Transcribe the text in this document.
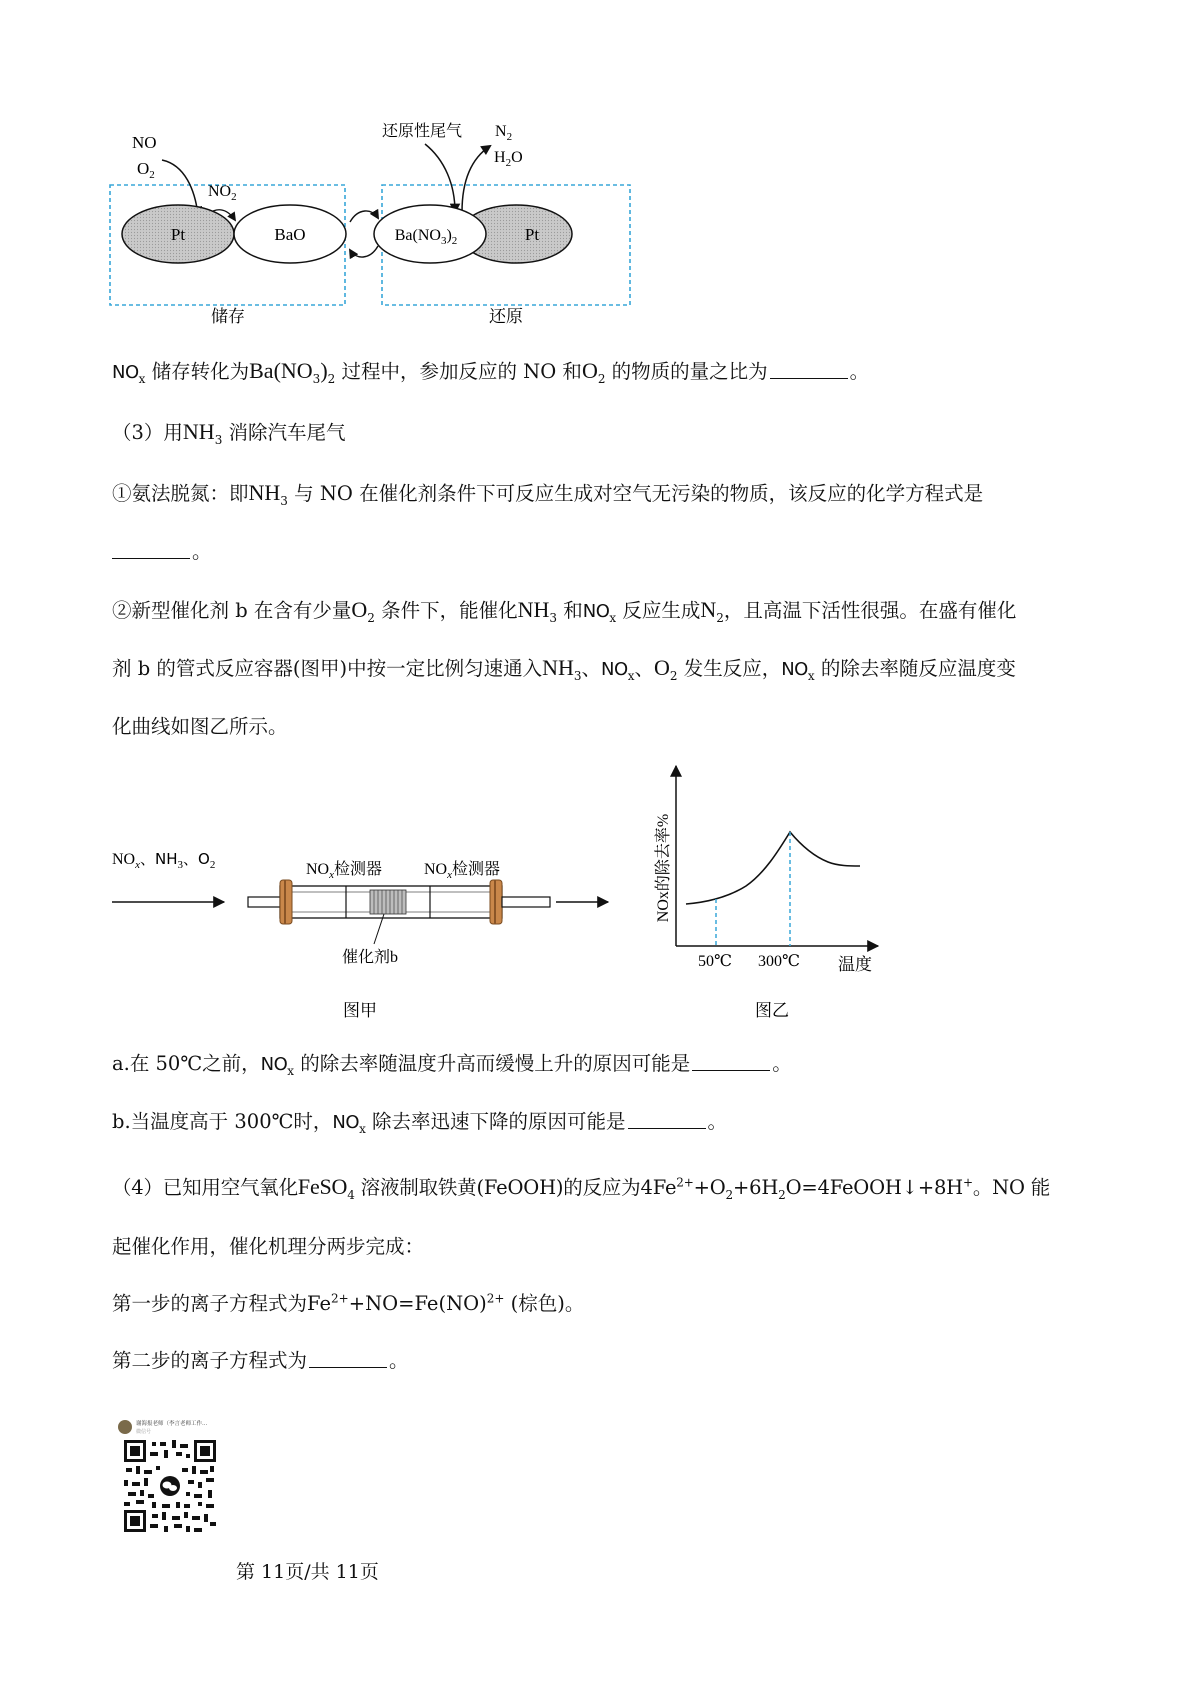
NO
$O_2$
$NO_2$
Pt	BaO
还原性尾气 $N_2$
$H_2O$
Pt
$Ba(NO_3)_2$
储存	还原
$NO_x$ 储存转化为$Ba(NO_3)_2$ 过程中，参加反应的 NO 和$O_2$ 的物质的量之比为	。
（3）用$NH_3$ 消除汽车尾气
①氨法脱氮：即$NH_3$ 与 NO 在催化剂条件下可反应生成对空气无污染的物质，该反应的化学方程式是
。
②新型催化剂 b 在含有少量$O_2$ 条件下，能催化$NH_3$ 和$NO_x$ 反应生成$N_2$，且高温下活性很强。在盛有催化
剂 b 的管式反应容器(图甲)中按一定比例匀速通入$NH_3$、$NO_x$、$O_2$ 发生反应，$NO_x$ 的除去率随反应温度变
化曲线如图乙所示。
$NO_x$、$NH_3$、$O_2$	$NO_x$检测器	$NO_x$检测器
催化剂b
图甲
NOx的除去率%
50℃ 300℃ 温度
图乙
a.在 50℃之前，$NO_x$ 的除去率随温度升高而缓慢上升的原因可能是	。
b.当温度高于 300℃时，$NO_x$ 除去率迅速下降的原因可能是	。
（4）已知用空气氧化FeSO$_4$ 溶液制取铁黄(FeOOH)的反应为$4Fe^{2+}+O_2+6H_2O=4FeOOH↓+8H^+$。NO 能
起催化作用，催化机理分两步完成：
第一步的离子方程式为$Fe^{2+}+NO=Fe(NO)^{2+}$ (棕色)。
第二步的离子方程式为	。
谢海报老师（李言老师工作...
微信号
第 11页/共 11页
